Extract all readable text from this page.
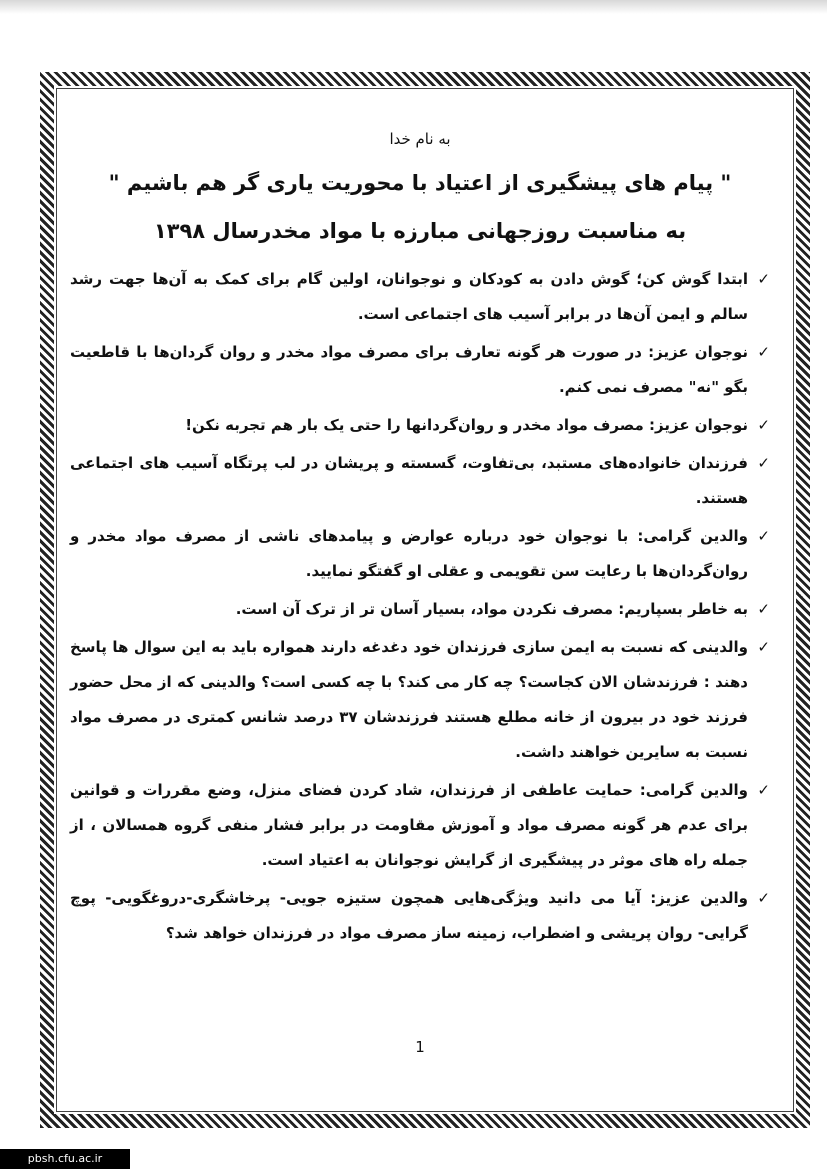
به نام خدا
" پیام های پیشگیری از اعتیاد با محوریت یاری گر هم باشیم "
به مناسبت روزجهانی مبارزه با مواد مخدرسال ۱۳۹۸
✓
ابتدا گوش کن؛ گوش دادن به کودکان و نوجوانان، اولین گام برای کمک به آن‌ها جهت رشد سالم و ایمن آن‌ها در برابر آسیب های اجتماعی است.
✓
نوجوان عزیز: در صورت هر گونه تعارف برای مصرف مواد مخدر و روان گردان‌ها با قاطعیت بگو "نه" مصرف نمی کنم.
✓
نوجوان عزیز: مصرف مواد مخدر و روان‌گردانها را حتی یک بار هم تجربه نکن!
✓
فرزندان خانواده‌های مستبد، بی‌تفاوت، گسسته و پریشان در لب پرتگاه آسیب های اجتماعی هستند.
✓
والدین گرامی: با نوجوان خود درباره عوارض و پیامدهای ناشی از مصرف مواد مخدر و روان‌گردان‌ها با رعایت سن تقویمی و عقلی او گفتگو نمایید.
✓
به خاطر بسپاریم: مصرف نکردن مواد، بسیار آسان تر از ترک آن است.
✓
والدینی که نسبت به ایمن سازی فرزندان خود دغدغه دارند همواره باید به این سوال ها پاسخ دهند : فرزندشان الان کجاست؟ چه کار می کند؟ با چه کسی است؟ والدینی که از محل حضور فرزند خود در بیرون از خانه مطلع هستند فرزندشان ۳۷ درصد شانس کمتری در مصرف مواد نسبت به سایرین خواهند داشت.
✓
والدین گرامی: حمایت عاطفی از فرزندان، شاد کردن فضای منزل، وضع مقررات و قوانین برای عدم هر گونه مصرف مواد و آموزش مقاومت در برابر فشار منفی گروه همسالان ، از جمله راه های موثر در پیشگیری از گرایش نوجوانان به اعتیاد است.
✓
والدین عزیز: آیا می دانید ویژگی‌هایی همچون ستیزه جویی- پرخاشگری-دروغگویی- پوچ گرایی- روان پریشی و اضطراب، زمینه ساز مصرف مواد در فرزندان خواهد شد؟
1
pbsh.cfu.ac.ir
